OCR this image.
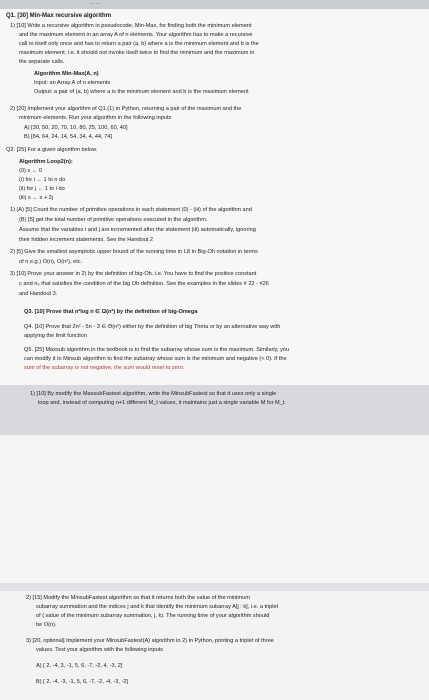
... ...
Q1. [30] Min-Max recursive algorithm
1) [10] Write a recursive algorithm in pseudocode, Min-Max, for finding both the minimum element
and the maximum element in an array A of n elements. Your algorithm has to make a recursive
call to itself only once and has to return a pair (a, b) where a is the minimum element and b is the
maximum element; i.e. it should not invoke itself twice to find the minimum and the maximum in
the separate calls.
Algorithm Min-Max(A, n)
Input: an Array A of n elements
Output: a pair of (a, b) where a is the minimum element and b is the maximum element
2) [20] Implement your algorithm of Q1.(1) in Python, returning a pair of the maximum and the
minimum elements. Run your algorithm in the following inputs
A) [30, 50, 20, 70, 10, 80, 25, 100, 60, 40]
B) [84, 64, 24, 14, 54, 34, 4, 44, 74]
Q2. [25] For a given algorithm below.
Algorithm Loop2(n):
(0) s ← 0
(i) for i ← 1 to n do
(ii) for j ← 1 to i do
(iii) s ← s + 2j
1) (A) [5] Count the number of primitive operations in each statement (0) - (iii) of the algorithm and
(B) [5] get the total number of primitive operations executed in the algorithm.
Assume that the variables i and j are incremented after the statement (iii) automatically, ignoring
their hidden increment statements. See the Handout 2
2) [5] Give the smallest asymptotic upper bound of the running time in L8 in Big-Oh notation in terms
of n e.g.) O(n), O(n²), etc.
3) [10] Prove your answer in 2) by the definition of big-Oh. i.e. You have to find the positive constant
c and n₀ that satisfies the condition of the big Oh definition. See the examples in the slides # 22 - #26
and Handout 3.
Q3. [10] Prove that n²log n ∈ Ω(n²) by the definition of big-Omega
Q4. [10] Prove that 2n² - 5n - 3 ∈ Θ(n²) either by the definition of big Theta or by an alternative way with
applying the limit function
Q5. [25] Maxsub algorithm in the textbook is to find the subarray whose sum is the maximum. Similarly, you
can modify it to Minsub algorithm to find the subarray whose sum is the minimum and negative (< 0). If the
sum of the subarray is not negative, the sum would reset to zero.
1) [10] By modify the MaxsubFastest algorithm, write the MinsubFastest so that it uses only a single
loop and, instead of computing n+1 different M_t values, it maintains just a single variable M for M_t.
2) [15] Modify the MinsubFastest algorithm so that it returns both the value of the minimum
subarray summation and the indices j and k that identify the minimum subarray A[j : k], i.e. a triplet
of ( value of the minimum subarray summation, j, k). The running time of your algorithm should
be O(n).
3) [20, optional] Implement your MinsubFastest(A) algorithm in 2) in Python, printing a triplet of three
values. Test your algorithm with the following inputs
A) [ 2, -4, 3, -1, 5, 6, -7, -2, 4, -3, 2]
B) [ 2, -4, -3, -1, 5, 6, -7, -2, -4, -3, -2]
